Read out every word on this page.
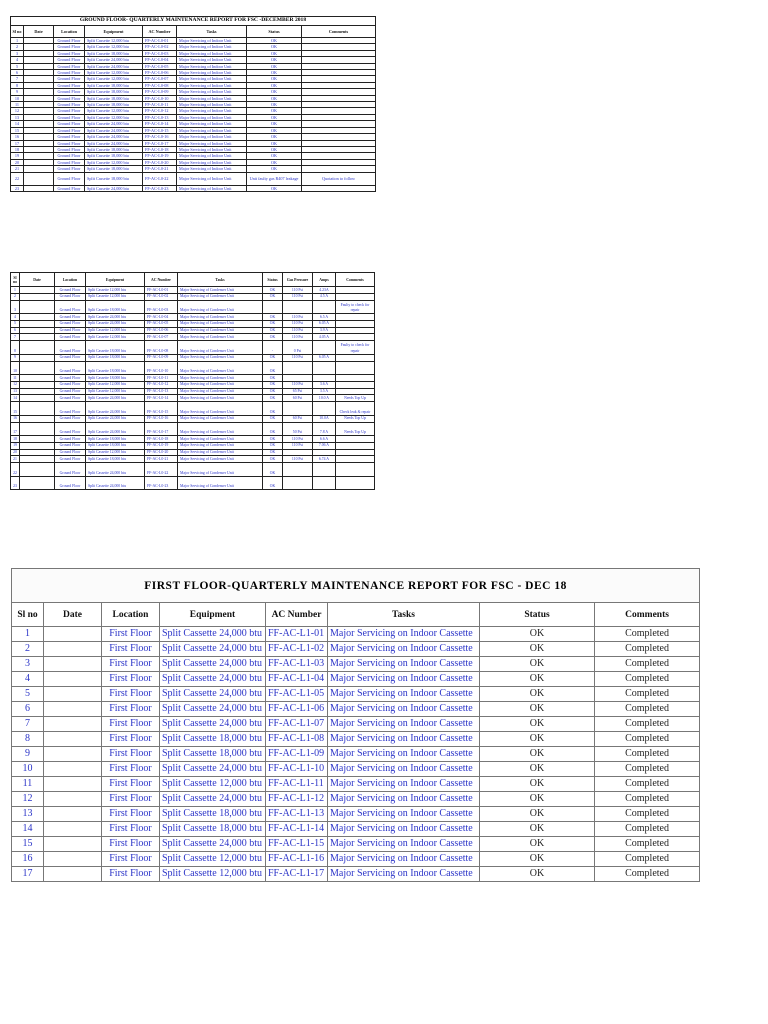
GROUND FLOOR- QUARTERLY MAINTENANCE REPORT FOR FSC -DECEMBER 2018							
Sl no	Date	Location	Equipment	AC Number	Tasks	Status	Comments
1		Ground Floor	Split Cassette 12,000 btu	FF-AC-L0-01	Major Servicing of Indoor Unit	OK	
2		Ground Floor	Split Cassette 12,000 btu	FF-AC-L0-02	Major Servicing of Indoor Unit	OK	
3		Ground Floor	Split Cassette 18,000 btu	FF-AC-L0-03	Major Servicing of Indoor Unit	OK	
4		Ground Floor	Split Cassette 24,000 btu	FF-AC-L0-04	Major Servicing of Indoor Unit	OK	
5		Ground Floor	Split Cassette 24,000 btu	FF-AC-L0-05	Major Servicing of Indoor Unit	OK	
6		Ground Floor	Split Cassette 12,000 btu	FF-AC-L0-06	Major Servicing of Indoor Unit	OK	
7		Ground Floor	Split Cassette 12,000 btu	FF-AC-L0-07	Major Servicing of Indoor Unit	OK	
8		Ground Floor	Split Cassette 18,000 btu	FF-AC-L0-08	Major Servicing of Indoor Unit	OK	
9		Ground Floor	Split Cassette 18,000 btu	FF-AC-L0-09	Major Servicing of Indoor Unit	OK	
10		Ground Floor	Split Cassette 18,000 btu	FF-AC-L0-10	Major Servicing of Indoor Unit	OK	
11		Ground Floor	Split Cassette 18,000 btu	FF-AC-L0-11	Major Servicing of Indoor Unit	OK	
12		Ground Floor	Split Cassette 12,000 btu	FF-AC-L0-12	Major Servicing of Indoor Unit	OK	
13		Ground Floor	Split Cassette 12,000 btu	FF-AC-L0-13	Major Servicing of Indoor Unit	OK	
14		Ground Floor	Split Cassette 24,000 btu	FF-AC-L0-14	Major Servicing of Indoor Unit	OK	
15		Ground Floor	Split Cassette 24,000 btu	FF-AC-L0-15	Major Servicing of Indoor Unit	OK	
16		Ground Floor	Split Cassette 24,000 btu	FF-AC-L0-16	Major Servicing of Indoor Unit	OK	
17		Ground Floor	Split Cassette 24,000 btu	FF-AC-L0-17	Major Servicing of Indoor Unit	OK	
18		Ground Floor	Split Cassette 18,000 btu	FF-AC-L0-18	Major Servicing of Indoor Unit	OK	
19		Ground Floor	Split Cassette 18,000 btu	FF-AC-L0-19	Major Servicing of Indoor Unit	OK	
20		Ground Floor	Split Cassette 12,000 btu	FF-AC-L0-20	Major Servicing of Indoor Unit	OK	
21		Ground Floor	Split Cassette 18,000 btu	FF-AC-L0-21	Major Servicing of Indoor Unit	OK	
22		Ground Floor	Split Cassette 18,000 btu	FF-AC-L0-22	Major Servicing of Indoor Unit	Unit faulty gas R407 leakage	Quotation to follow
23		Ground Floor	Split Cassette 24,000 btu	FF-AC-L0-23	Major Servicing of Indoor Unit	OK	
Sl no	Date	Location	Equipment	AC Number	Tasks	Status	Gas Pressure	Amps	Comments
1		Ground Floor	Split Cassette 12,000 btu	FF-AC-L0-01	Major Servicing of Condenser Unit	OK	110 Psi	4.23A	
2		Ground Floor	Split Cassette 12,000 btu	FF-AC-L0-02	Major Servicing of Condenser Unit	OK	110 Psi	4.5 A	
3		Ground Floor	Split Cassette 18,000 btu	FF-AC-L0-03	Major Servicing of Condenser Unit				Faulty to check for repair
4		Ground Floor	Split Cassette 24,000 btu	FF-AC-L0-04	Major Servicing of Condenser Unit	OK	110 Psi	6.5 A	
5		Ground Floor	Split Cassette 24,000 btu	FF-AC-L0-05	Major Servicing of Condenser Unit	OK	110 Psi	6.05 A	
6		Ground Floor	Split Cassette 12,000 btu	FF-AC-L0-06	Major Servicing of Condenser Unit	OK	110 Psi	3.9 A	
7		Ground Floor	Split Cassette 12,000 btu	FF-AC-L0-07	Major Servicing of Condenser Unit	OK	110 Psi	4.05 A	
8		Ground Floor	Split Cassette 18,000 btu	FF-AC-L0-08	Major Servicing of Condenser Unit	-	0 Psi		Faulty to check for repair
9		Ground Floor	Split Cassette 18,000 btu	FF-AC-L0-09	Major Servicing of Condenser Unit	OK	110 Psi	6.05 A	
10		Ground Floor	Split Cassette 18,000 btu	FF-AC-L0-10	Major Servicing of Condenser Unit	OK			
11		Ground Floor	Split Cassette 18,000 btu	FF-AC-L0-11	Major Servicing of Condenser Unit	OK			
12		Ground Floor	Split Cassette 12,000 btu	FF-AC-L0-12	Major Servicing of Condenser Unit	OK	110 Psi	3.6 A	
13		Ground Floor	Split Cassette 12,000 btu	FF-AC-L0-13	Major Servicing of Condenser Unit	OK	65 Psi	3.5 A	
14		Ground Floor	Split Cassette 24,000 btu	FF-AC-L0-14	Major Servicing of Condenser Unit	OK	60 Psi	10.0 A	Needs Top Up
15		Ground Floor	Split Cassette 24,000 btu	FF-AC-L0-15	Major Servicing of Condenser Unit	OK			Check leak & repair
16		Ground Floor	Split Cassette 24,000 btu	FF-AC-L0-16	Major Servicing of Condenser Unit	OK	60 Psi	10.0A	Needs Top Up
17		Ground Floor	Split Cassette 24,000 btu	FF-AC-L0-17	Major Servicing of Condenser Unit	OK	50 Psi	7.8 A	Needs Top Up
18		Ground Floor	Split Cassette 18,000 btu	FF-AC-L0-18	Major Servicing of Condenser Unit	OK	110 Psi	6.6 A	
19		Ground Floor	Split Cassette 18,000 btu	FF-AC-L0-19	Major Servicing of Condenser Unit	OK	110 Psi	7.06 A	
20		Ground Floor	Split Cassette 12,000 btu	FF-AC-L0-20	Major Servicing of Condenser Unit	OK			
21		Ground Floor	Split Cassette 18,000 btu	FF-AC-L0-21	Major Servicing of Condenser Unit	OK	110 Psi	6.74 A	
22		Ground Floor	Split Cassette 24,000 btu	FF-AC-L0-22	Major Servicing of Condenser Unit	OK			
23		Ground Floor	Split Cassette 24,000 btu	FF-AC-L0-23	Major Servicing of Condenser Unit	OK			
FIRST FLOOR-QUARTERLY MAINTENANCE REPORT FOR FSC - DEC 18							
Sl no	Date	Location	Equipment	AC Number	Tasks	Status	Comments
1		First Floor	Split Cassette 24,000 btu	FF-AC-L1-01	Major Servicing on Indoor Cassette	OK	Completed
2		First Floor	Split Cassette 24,000 btu	FF-AC-L1-02	Major Servicing on Indoor Cassette	OK	Completed
3		First Floor	Split Cassette 24,000 btu	FF-AC-L1-03	Major Servicing on Indoor Cassette	OK	Completed
4		First Floor	Split Cassette 24,000 btu	FF-AC-L1-04	Major Servicing on Indoor Cassette	OK	Completed
5		First Floor	Split Cassette 24,000 btu	FF-AC-L1-05	Major Servicing on Indoor Cassette	OK	Completed
6		First Floor	Split Cassette 24,000 btu	FF-AC-L1-06	Major Servicing on Indoor Cassette	OK	Completed
7		First Floor	Split Cassette 24,000 btu	FF-AC-L1-07	Major Servicing on Indoor Cassette	OK	Completed
8		First Floor	Split Cassette 18,000 btu	FF-AC-L1-08	Major Servicing on Indoor Cassette	OK	Completed
9		First Floor	Split Cassette 18,000 btu	FF-AC-L1-09	Major Servicing on Indoor Cassette	OK	Completed
10		First Floor	Split Cassette 24,000 btu	FF-AC-L1-10	Major Servicing on Indoor Cassette	OK	Completed
11		First Floor	Split Cassette 12,000 btu	FF-AC-L1-11	Major Servicing on Indoor Cassette	OK	Completed
12		First Floor	Split Cassette 24,000 btu	FF-AC-L1-12	Major Servicing on Indoor Cassette	OK	Completed
13		First Floor	Split Cassette 18,000 btu	FF-AC-L1-13	Major Servicing on Indoor Cassette	OK	Completed
14		First Floor	Split Cassette 18,000 btu	FF-AC-L1-14	Major Servicing on Indoor Cassette	OK	Completed
15		First Floor	Split Cassette 24,000 btu	FF-AC-L1-15	Major Servicing on Indoor Cassette	OK	Completed
16		First Floor	Split Cassette 12,000 btu	FF-AC-L1-16	Major Servicing on Indoor Cassette	OK	Completed
17		First Floor	Split Cassette 12,000 btu	FF-AC-L1-17	Major Servicing on Indoor Cassette	OK	Completed
